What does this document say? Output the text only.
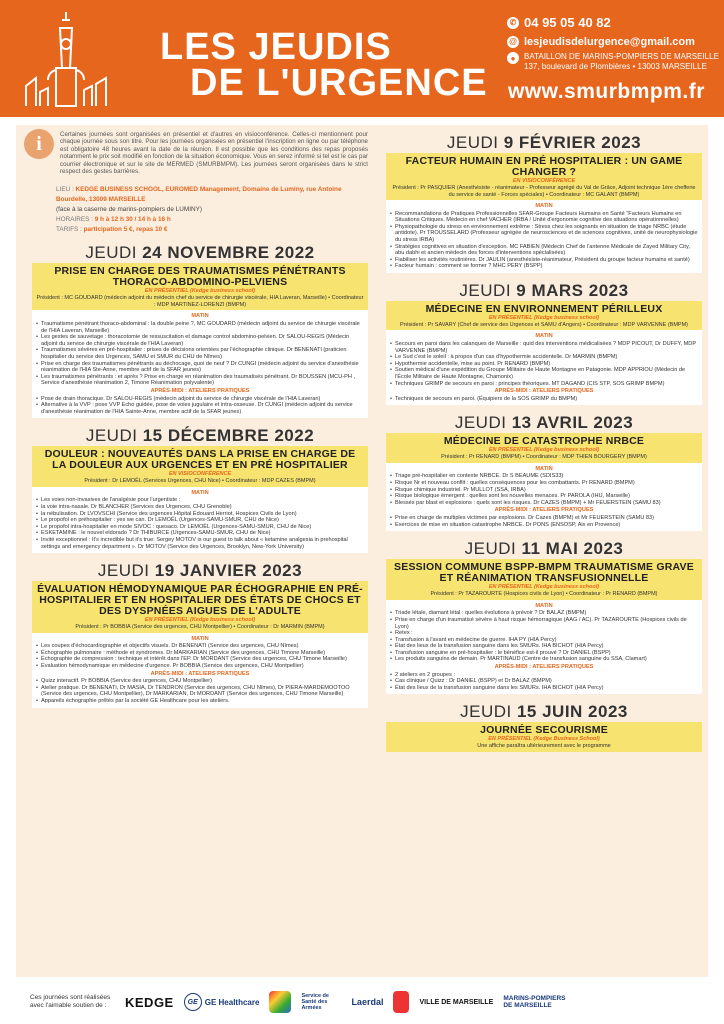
LES JEUDIS
DE L'URGENCE
✆ 04 95 05 40 82
@ lesjeudisdelurgence@gmail.com
●	BATAILLON DE MARINS-POMPIERS DE MARSEILLE
137, boulevard de Plombières • 13003 MARSEILLE
www.smurbmpm.fr
i	Certaines journées sont organisées en présentiel et d'autres en visioconférence. Celles-ci mentionnent pour chaque journée sous son titre. Pour les journées organisées en présentiel l'inscription en ligne ou par téléphone est obligatoire 48 heures avant la date de la réunion. Il est possible que les conditions des repas proposés notamment le prix soit modifié en fonction de la situation économique. Vous en serez informé si tel est le cas par courrier électronique et sur le site de MERMED (SMURBMPM). Les journées seront organisées dans le strict respect des gestes barrières.
LIEU : KEDGE BUSINESS SCHOOL, EUROMED Management, Domaine de Luminy, rue Antoine Bourdelle, 13009 MARSEILLE
(face à la caserne de marins-pompiers de LUMINY)
HORAIRES : 9 h à 12 h 30 / 14 h à 16 h
TARIFS : participation 5 €, repas 10 €
JEUDI 24 NOVEMBRE 2022
PRISE EN CHARGE DES TRAUMATISMES PÉNÉTRANTS THORACO-ABDOMINO-PELVIENS
EN PRÉSENTIEL (Kedge business school)
Président : MC GOUDARD (médecin adjoint du médecin chef du service de chirurgie viscérale, HIA Laveran, Marseille) • Coordinateur : MDP MARTINEZ-LORENZI (BMPM)
MATIN
• Traumatisme pénétrant thoraco-abdominal : la double peine ?, MC GOUDARD (médecin adjoint du service de chirurgie viscérale de l'HIA Laveran, Marseille)
• Les gestes de sauvetage : thoracotomie de ressuscitation et damage control abdomino-pelvien. Dr SALOU-REGIS (Médecin adjoint du service de chirurgie viscérale de l'HIA Laveran)
• Traumatismes sévères en pré-hospitalier : prises de décisions orientées par l'échographie clinique. Dr BENENATI (praticien hospitalier du service des Urgences, SAMU et SMUR du CHU de Nîmes)
• Prise en charge des traumatismes pénétrants au déchocage, quoi de neuf ? Dr CUNGI (médecin adjoint du service d'anesthésie réanimation de l'HIA Ste-Anne, membre actif de la SFAR jeunes)
• Les traumatismes pénétrants : et après ? Prise en charge en réanimation des traumatisés pénétrant. Dr BOUSSEN (MCU-PH , Service d'anesthésie réanimation 2, Timone Réanimation polyvalente)
APRÈS-MIDI : ATELIERS PRATIQUES
• Pose de drain thoracique. Dr SALOU-REGIS (médecin adjoint du service de chirurgie viscérale de l'HIA Laveran)
• Alternative à la VVP : pose VVP Echo guidée, pose de voies jugulaire et intra-osseuse. Dr CUNGI (médecin adjoint du service d'anesthésie réanimation de l'HIA Sainte-Anne, membre actif de la SFAR jeunes)
JEUDI 15 DÉCEMBRE 2022
DOULEUR : NOUVEAUTÉS DANS LA PRISE EN CHARGE DE LA DOULEUR AUX URGENCES ET EN PRÉ HOSPITALIER
EN VISIOCONFÉRENCE
Président : Dr LEMOËL (Services Urgences, CHU Nice) • Coordinateur : MDP CAZES (BMPM)
MATIN
• Les voies non-invasives de l'analgésie pour l'urgentiste :
• la voie intra-nasale. Dr BLANCHER (Services des Urgences, CHU Grenoble)
• la nébulisation. Dr LVOVSCHI (Service des urgences Hôpital Édouard Herriot, Hospices Civils de Lyon)
• Le propofol en préhospitalier : yes we can. Dr LEMOËL (Urgences-SAMU-SMUR, CHU de Nice)
• Le propofol intra-hospitalier en mode SIVOC : quesaco. Dr LEMOËL (Urgences-SAMU-SMUR, CHU de Nice)
• ESKETAMINE : le nouvel eldorado ? Dr THIBURCE (Urgences-SAMU-SMUR, CHU de Nice)
• Invité exceptionnel : It's incredible but it's true: Sergey MOTOV is our guest to talk about « ketamine analgesia in prehospital settings and emergency department ». Dr MOTOV (Service des Urgences, Brooklyn, New-York University)
JEUDI 19 JANVIER 2023
ÉVALUATION HÉMODYNAMIQUE PAR ÉCHOGRAPHIE EN PRÉ-HOSPITALIER ET EN HOSPITALIER DES ÉTATS DE CHOCS ET DES DYSPNÉES AIGUES DE L'ADULTE
EN PRÉSENTIEL (Kedge business school)
Président : Pr BOBBIA (Service des urgences, CHU Montpellier) • Coordinateur : Dr MARMIN (BMPM)
MATIN
• Les coupes d'échocardiographie et objectifs visuels. Dr BENENATI (Service des urgences, CHU Nîmes)
• Échographie pulmonaire : méthode et syndromes. Dr MARKARIAN (Service des urgences, CHU Timone Marseille)
• Échographie de compression : technique et intérêt dans l'EP. Dr MORDANT (Service des urgences, CHU Timone Marseille)
• Évaluation hémodynamique en médecine d'urgence. Pr BOBBIA (Service des urgences, CHU Montpellier)
APRÈS-MIDI : ATELIERS PRATIQUES
• Quizz interactif. Pr BOBBIA (Service des urgences, CHU Montpellier)
• Atelier pratique. Dr BENENATI, Dr MASIA, Dr TENDRON (Service des urgences, CHU Nîmes), Dr PIERA-MARDEMOOTOO (Service des urgences, CHU Montpellier), Dr MARKARIAN, Dr MORDANT (Service des urgences, CHU Timone Marseille)
• Appareils échographie prêtés par la société GE Healthcare pour les ateliers.
JEUDI 9 FÉVRIER 2023
FACTEUR HUMAIN EN PRÉ HOSPITALIER : UN GAME CHANGER ?
EN VISIOCONFÉRENCE
Président : Pr PASQUIER (Anesthésiste - réanimateur - Professeur agrégé du Val de Grâce, Adjoint technique 1ère chefferie du service de santé - Forces spéciales) • Coordinateur : MC GALANT (BMPM)
MATIN
• Recommandations de Pratiques Professionnelles SFAR-Groupe Facteurs Humains en Santé "Facteurs Humains en Situations Critiques. Médecin en chef VACHER (IRBA / Unité d'ergonomie cognitive des situations opérationnelles)
• Physiopathologie du stress en environnement extrême : Stress chez les soignants en situation de triage NRBC (étude antidote). Pr TROUSSELARD (Professeur agrégée de neurosciences et de sciences cognitives, unité de neurophysiologie du stress IRBA)
• Stratégies cognitives en situation d'exception. MC FABIEN (Médecin Chef de l'antenne Médicale de Zayed Military City, abu dabhi et ancien médecin des forces d'interventions spécialisées)
• Fiabiliser les activités routinières. Dr JAULIN (anesthésiste-réanimateur, Président du groupe facteur humains et santé)
• Facteur humain : comment se former ? MHC PERY (BSPP)
JEUDI 9 MARS 2023
MÉDECINE EN ENVIRONNEMENT PÉRILLEUX
EN PRÉSENTIEL (Kedge business school)
Président : Pr SAVARY (Chef de service des Urgences et SAMU d'Angers) • Coordinateur : MDP VARVENNE (BMPM)
MATIN
• Secours en paroi dans les calanques de Marseille : quid des interventions médicalisées ? MDP PICOUT, Dr DUFFY, MDP VARVENNE (BMPM)
• Le Sud c'est le soleil : à propos d'un cas d'hypothermie accidentelle. Dr MARMIN (BMPM)
• Hypothermie accidentelle, mise au point. Pr RENARD (BMPM)
• Soutien médical d'une expédition du Groupe Militaire de Haute Montagne en Patagonie. MDP APPRIOU (Médecin de l'École Militaire de Haute Montagne, Chamonix)
• Techniques GRIMP de secours en paroi : principes théoriques. MT DAGAND (CIS STP, SOS GRIMP BMPM)
APRÈS-MIDI : ATELIERS PRATIQUES
• Techniques de secours en paroi. (Équipiers de la SOS GRIMP du BMPM)
JEUDI 13 AVRIL 2023
MÉDECINE DE CATASTROPHE NRBCE
EN PRÉSENTIEL (Kedge business school)
Président : Pr RENARD (BMPM) • Coordinateur : MDP THIEN BOURGERY (BMPM)
MATIN
• Triage pré-hospitalier en contexte NRBCE. Dr S BEAUME (SDIS33)
• Risque Nr et nouveau conflit : quelles conséquences pour les combattants. Pr RENARD (BMPM)
• Risque chimique industriel. Pr MULLOT (SSA, IRBA)
• Risque biologique émergent : quelles sont les nouvelles menaces. Pr PAROLA (IHU, Marseille)
• Blessés par blast et explosions : quels sont les risques. Dr CAZES (BMPM) + Mr FEUERSTEIN (SAMU 83)
APRÈS-MIDI : ATELIERS PRATIQUES
• Prise en charge de multiples victimes par explosions. Dr Cazes (BMPM) et Mr FEUERSTEIN (SAMU 83)
• Exercices de mise en situation catastrophe NRBCE. Dr PONS (ENSOSP, Aix en Provence)
JEUDI 11 MAI 2023
SESSION COMMUNE BSPP-BMPM TRAUMATISME GRAVE ET RÉANIMATION TRANSFUSIONNELLE
EN PRÉSENTIEL (Kedge business school)
Président : Pr TAZAROURTE (Hospices civils de Lyon) • Coordinateur : Pr RENARD (BMPM)
MATIN
• Triade létale, diamant létal : quelles évolutions à prévoir ? Dr BALAZ (BMPM)
• Prise en charge d'un traumatisé sévère à haut risque hémorragique (AAG / AC). Pr TAZAROURTE (Hospices civils de Lyon)
• Retex :
• Transfusion à l'avant en médecine de guerre. IHA PY (HIA Percy)
• État des lieux de la transfusion sanguine dans les SMURs. IHA BICHOT (HIA Percy)
• Transfusion sanguine en pré-hospitalier : le bénéfice est-il prouvé ? Dr DANIEL (BSPP)
• Les produits sanguins de demain. Pr MARTINAUD (Centre de transfusion sanguine du SSA, Clamart)
APRÈS-MIDI : ATELIERS PRATIQUES
• 2 ateliers en 2 groupes :
• Cas clinique / Quizz : Dr DANIEL (BSPP) et Dr BALAZ (BMPM)
• État des lieux de la transfusion sanguine dans les SMURs. IHA BICHOT (HIA Percy)
JEUDI 15 JUIN 2023
JOURNÉE SECOURISME
EN PRÉSENTIEL (Kedge Business School)
Une affiche paraîtra ultérieurement avec le programme
Ces journées sont réalisées avec l'aimable soutien de :	KEDGE	GE GE Healthcare
Service de Santé des Armées
Laerdal	VILLE DE MARSEILLE MARINS-POMPIERS DE MARSEILLE
